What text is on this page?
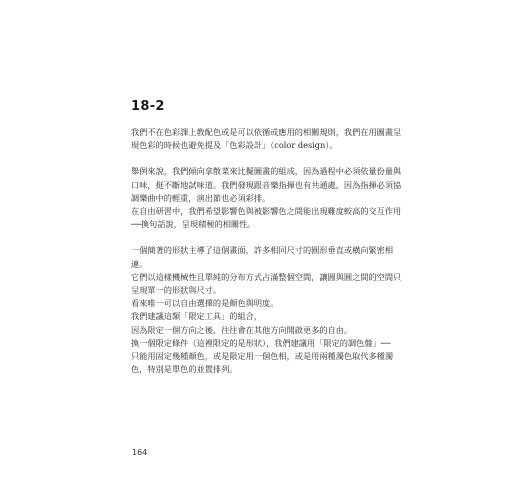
18-2

我們不在色彩課上教配色或是可以依循或應用的相關規則，我們在用圖畫呈

現色彩的時候也避免提及「色彩設計」（color design）。

舉例來說，我們傾向拿散菜來比擬圖畫的組成，因為過程中必須依量份量與

口味，挺不斷地試味道。我們發現跟音樂指揮也有共通處，因為指揮必須協

調樂曲中的輕重，演出節也必須彩排。

在自由研習中，我們希望影響色與被影響色之間能出現難度較高的交互作用

──換句話說，呈現積極的相關性。

一個簡著的形狀主導了這個畫面，許多相同尺寸的圓形垂直或橫向緊密相

連。

它們以這樣機械性且單純的分布方式占滿整個空間，讓圓與圓之間的空間只

呈現單一的形狀與尺寸。

看來唯一可以自由選擇的是顏色與明度。

我們建議這類「限定工具」的組合，

因為限定一個方向之後，往往會在其他方向開啟更多的自由。

換一個限定條件（這裡限定的是形狀），我們建議用「限定的調色盤」──

只能用固定幾種顏色，或是限定用一個色相，或是用兩種濁色取代多種濁

色，特別是單色的並置排列。

164
